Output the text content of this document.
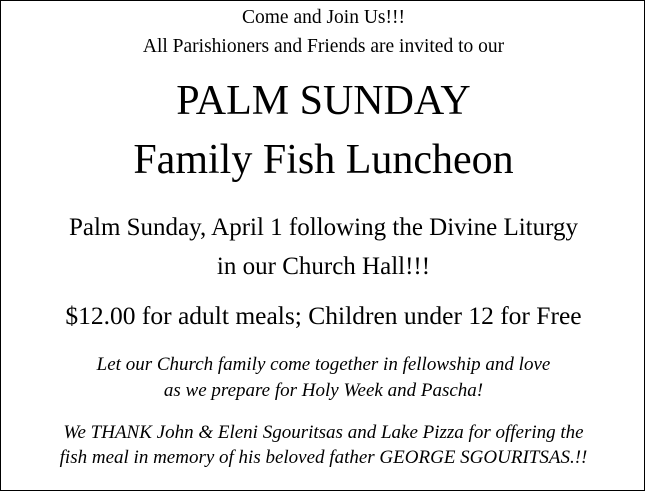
Come and Join Us!!!
All Parishioners and Friends are invited to our
PALM SUNDAY
Family Fish Luncheon
Palm Sunday, April 1 following the Divine Liturgy
in our Church Hall!!!
$12.00 for adult meals; Children under 12 for Free
Let our Church family come together in fellowship and love
as we prepare for Holy Week and Pascha!
We THANK John & Eleni Sgouritsas and Lake Pizza for offering the
fish meal in memory of his beloved father GEORGE SGOURITSAS.!!
